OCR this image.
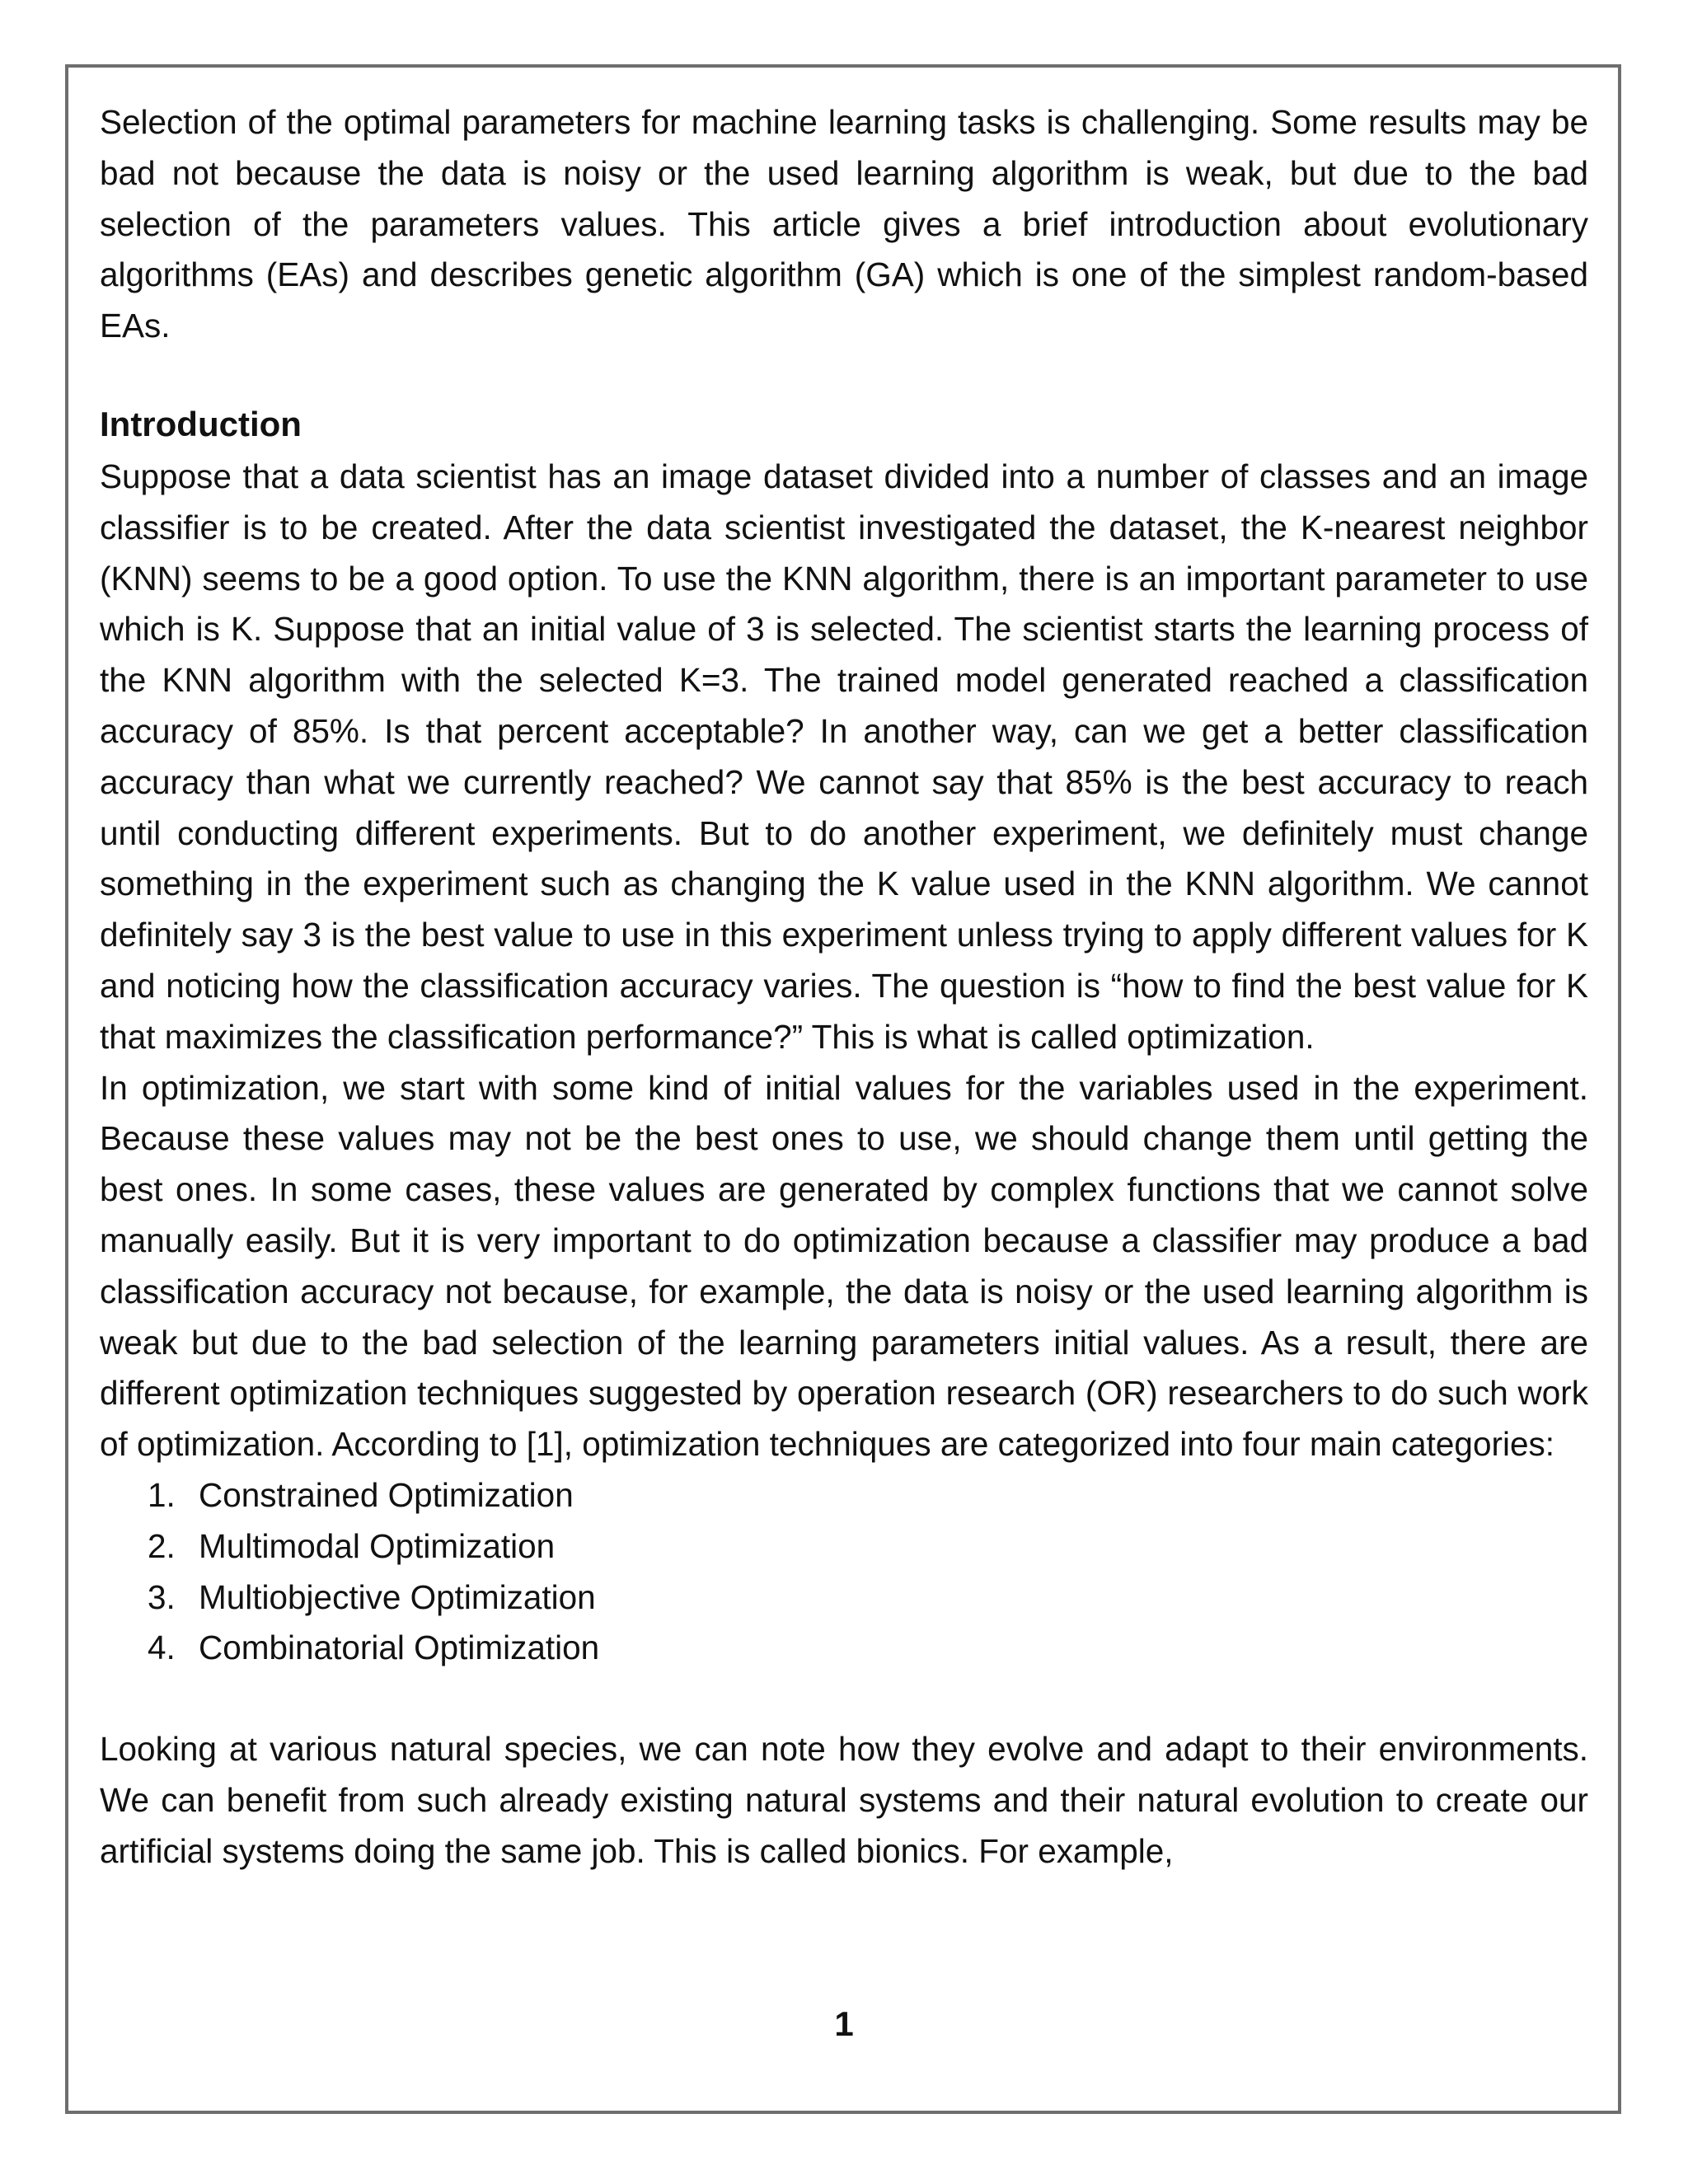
Selection of the optimal parameters for machine learning tasks is challenging. Some results may be bad not because the data is noisy or the used learning algorithm is weak, but due to the bad selection of the parameters values. This article gives a brief introduction about evolutionary algorithms (EAs) and describes genetic algorithm (GA) which is one of the simplest random-based EAs.

Introduction

Suppose that a data scientist has an image dataset divided into a number of classes and an image classifier is to be created. After the data scientist investigated the dataset, the K-nearest neighbor (KNN) seems to be a good option. To use the KNN algorithm, there is an important parameter to use which is K. Suppose that an initial value of 3 is selected. The scientist starts the learning process of the KNN algorithm with the selected K=3. The trained model generated reached a classification accuracy of 85%. Is that percent acceptable? In another way, can we get a better classification accuracy than what we currently reached? We cannot say that 85% is the best accuracy to reach until conducting different experiments. But to do another experiment, we definitely must change something in the experiment such as changing the K value used in the KNN algorithm. We cannot definitely say 3 is the best value to use in this experiment unless trying to apply different values for K and noticing how the classification accuracy varies. The question is “how to find the best value for K that maximizes the classification performance?” This is what is called optimization.

In optimization, we start with some kind of initial values for the variables used in the experiment. Because these values may not be the best ones to use, we should change them until getting the best ones. In some cases, these values are generated by complex functions that we cannot solve manually easily. But it is very important to do optimization because a classifier may produce a bad classification accuracy not because, for example, the data is noisy or the used learning algorithm is weak but due to the bad selection of the learning parameters initial values. As a result, there are different optimization techniques suggested by operation research (OR) researchers to do such work of optimization. According to [1], optimization techniques are categorized into four main categories:

1. Constrained Optimization
2. Multimodal Optimization
3. Multiobjective Optimization
4. Combinatorial Optimization

Looking at various natural species, we can note how they evolve and adapt to their environments. We can benefit from such already existing natural systems and their natural evolution to create our artificial systems doing the same job. This is called bionics. For example,

1
